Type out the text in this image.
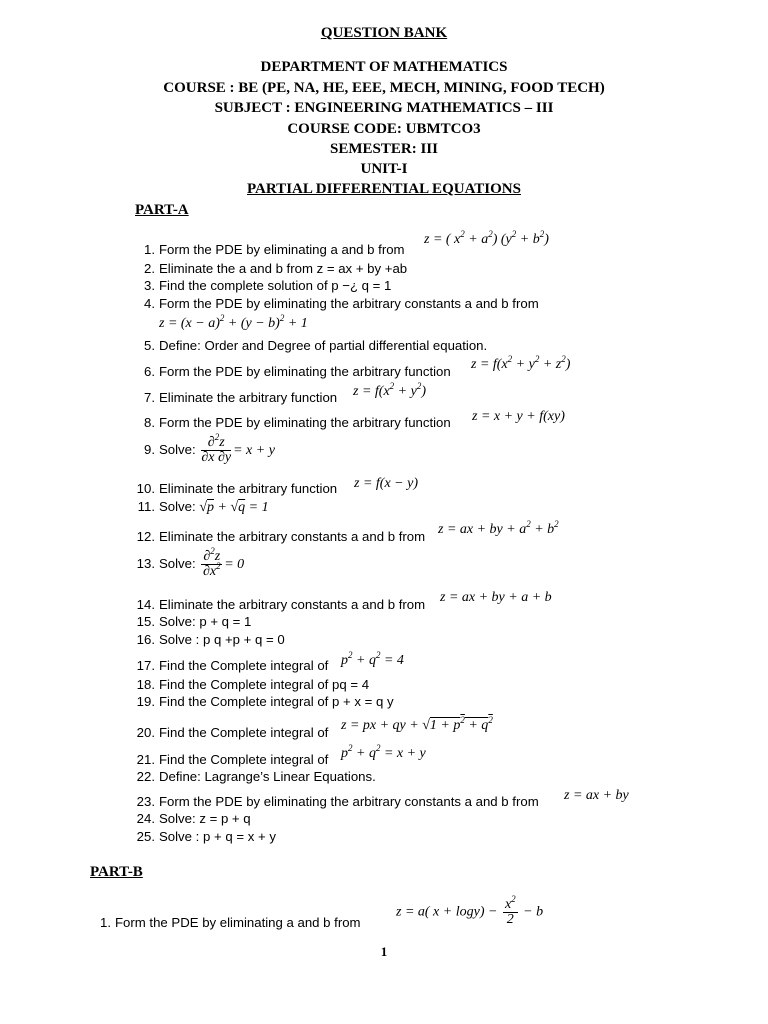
QUESTION BANK
DEPARTMENT OF MATHEMATICS
COURSE : BE (PE, NA, HE, EEE, MECH, MINING, FOOD TECH)
SUBJECT : ENGINEERING MATHEMATICS – III
COURSE CODE: UBMTCO3
SEMESTER: III
UNIT-I
PARTIAL DIFFERENTIAL EQUATIONS
PART-A
1. Form the PDE by eliminating a and b from
z = ( $x^2 + a^2$) $(y^2 + b^2)$
2. Eliminate the a and b from z = ax + by +ab
3. Find the complete solution of p −¿ q = 1
4. Form the PDE by eliminating the arbitrary constants a and b from
$z = (x - a)^2 + (y - b)^2 + 1$
5. Define: Order and Degree of partial differential equation.
6. Form the PDE by eliminating the arbitrary function $z = f(x^2 + y^2 + z^2)$
7. Eliminate the arbitrary function $z = f(x^2 + y^2)$
8. Form the PDE by eliminating the arbitrary function z = x + y + f(xy)
9. Solve: $\frac{\partial^2z}{\partial x \partial y} = x + y$
10. Eliminate the arbitrary function z = f(x − y)
11. Solve: √p + √q = 1
12. Eliminate the arbitrary constants a and b from z = ax + by + $a^2 + b^2$
13. Solve: $\frac{\partial^2z}{\partial x^2} = 0$
14. Eliminate the arbitrary constants a and b from z = ax + by + a + b
15. Solve: p + q = 1
16. Solve : p q +p + q = 0
17. Find the Complete integral of $p^2 + q^2 = 4$
18. Find the Complete integral of pq = 4
19. Find the Complete integral of p + x = q y
20. Find the Complete integral of z = px + qy + $√1 + p^2 + q^2$
21. Find the Complete integral of $p^2 + q^2 = x + y$
22. Define: Lagrange’s Linear Equations.
23. Form the PDE by eliminating the arbitrary constants a and b from z = ax + by
24. Solve: z = p + q
25. Solve : p + q = x + y
PART-B
1. Form the PDE by eliminating a and b from
z = a( $x + \log y) - \frac{x^2}{2} - b$
1
